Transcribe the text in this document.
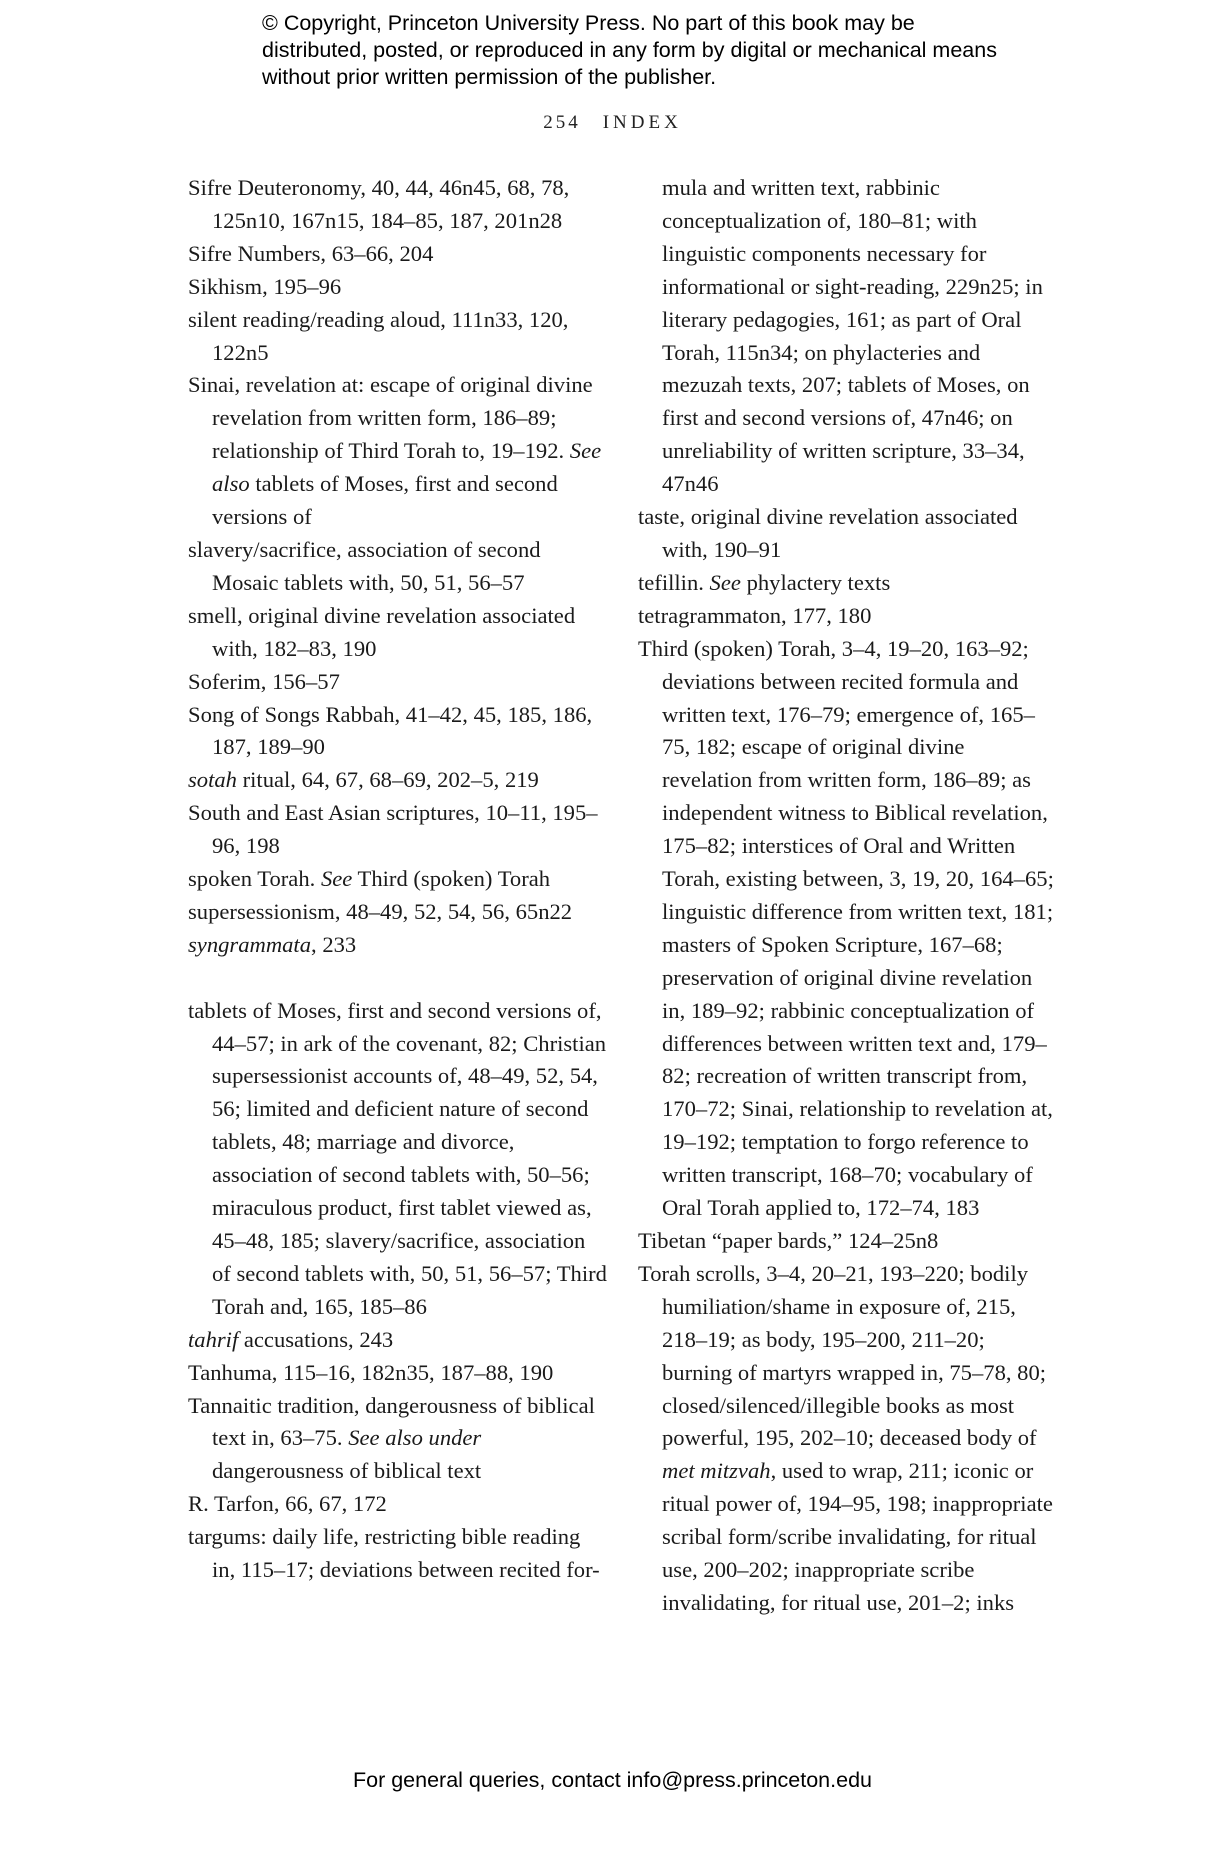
© Copyright, Princeton University Press. No part of this book may be distributed, posted, or reproduced in any form by digital or mechanical means without prior written permission of the publisher.
254 INDEX

Sifre Deuteronomy, 40, 44, 46n45, 68, 78, 125n10, 167n15, 184–85, 187, 201n28

Sifre Numbers, 63–66, 204

Sikhism, 195–96

silent reading/reading aloud, 111n33, 120, 122n5

Sinai, revelation at: escape of original divine revelation from written form, 186–89; relationship of Third Torah to, 19–192. See also tablets of Moses, first and second versions of

slavery/sacrifice, association of second Mosaic tablets with, 50, 51, 56–57

smell, original divine revelation associated with, 182–83, 190

Soferim, 156–57

Song of Songs Rabbah, 41–42, 45, 185, 186, 187, 189–90

sotah ritual, 64, 67, 68–69, 202–5, 219

South and East Asian scriptures, 10–11, 195–96, 198

spoken Torah. See Third (spoken) Torah

supersessionism, 48–49, 52, 54, 56, 65n22

syngrammata, 233

tablets of Moses, first and second versions of, 44–57; in ark of the covenant, 82; Christian supersessionist accounts of, 48–49, 52, 54, 56; limited and deficient nature of second tablets, 48; marriage and divorce, association of second tablets with, 50–56; miraculous product, first tablet viewed as, 45–48, 185; slavery/sacrifice, association of second tablets with, 50, 51, 56–57; Third Torah and, 165, 185–86

tahrif accusations, 243

Tanhuma, 115–16, 182n35, 187–88, 190

Tannaitic tradition, dangerousness of biblical text in, 63–75. See also under dangerousness of biblical text

R. Tarfon, 66, 67, 172

targums: daily life, restricting bible reading in, 115–17; deviations between recited for-

mula and written text, rabbinic conceptualization of, 180–81; with linguistic components necessary for informational or sight-reading, 229n25; in literary pedagogies, 161; as part of Oral Torah, 115n34; on phylacteries and mezuzah texts, 207; tablets of Moses, on first and second versions of, 47n46; on unreliability of written scripture, 33–34, 47n46

taste, original divine revelation associated with, 190–91

tefillin. See phylactery texts

tetragrammaton, 177, 180

Third (spoken) Torah, 3–4, 19–20, 163–92; deviations between recited formula and written text, 176–79; emergence of, 165–75, 182; escape of original divine revelation from written form, 186–89; as independent witness to Biblical revelation, 175–82; interstices of Oral and Written Torah, existing between, 3, 19, 20, 164–65; linguistic difference from written text, 181; masters of Spoken Scripture, 167–68; preservation of original divine revelation in, 189–92; rabbinic conceptualization of differences between written text and, 179–82; recreation of written transcript from, 170–72; Sinai, relationship to revelation at, 19–192; temptation to forgo reference to written transcript, 168–70; vocabulary of Oral Torah applied to, 172–74, 183

Tibetan “paper bards,” 124–25n8

Torah scrolls, 3–4, 20–21, 193–220; bodily humiliation/shame in exposure of, 215, 218–19; as body, 195–200, 211–20; burning of martyrs wrapped in, 75–78, 80; closed/silenced/illegible books as most powerful, 195, 202–10; deceased body of met mitzvah, used to wrap, 211; iconic or ritual power of, 194–95, 198; inappropriate scribal form/scribe invalidating, for ritual use, 200–202; inappropriate scribe invalidating, for ritual use, 201–2; inks

For general queries, contact info@press.princeton.edu
